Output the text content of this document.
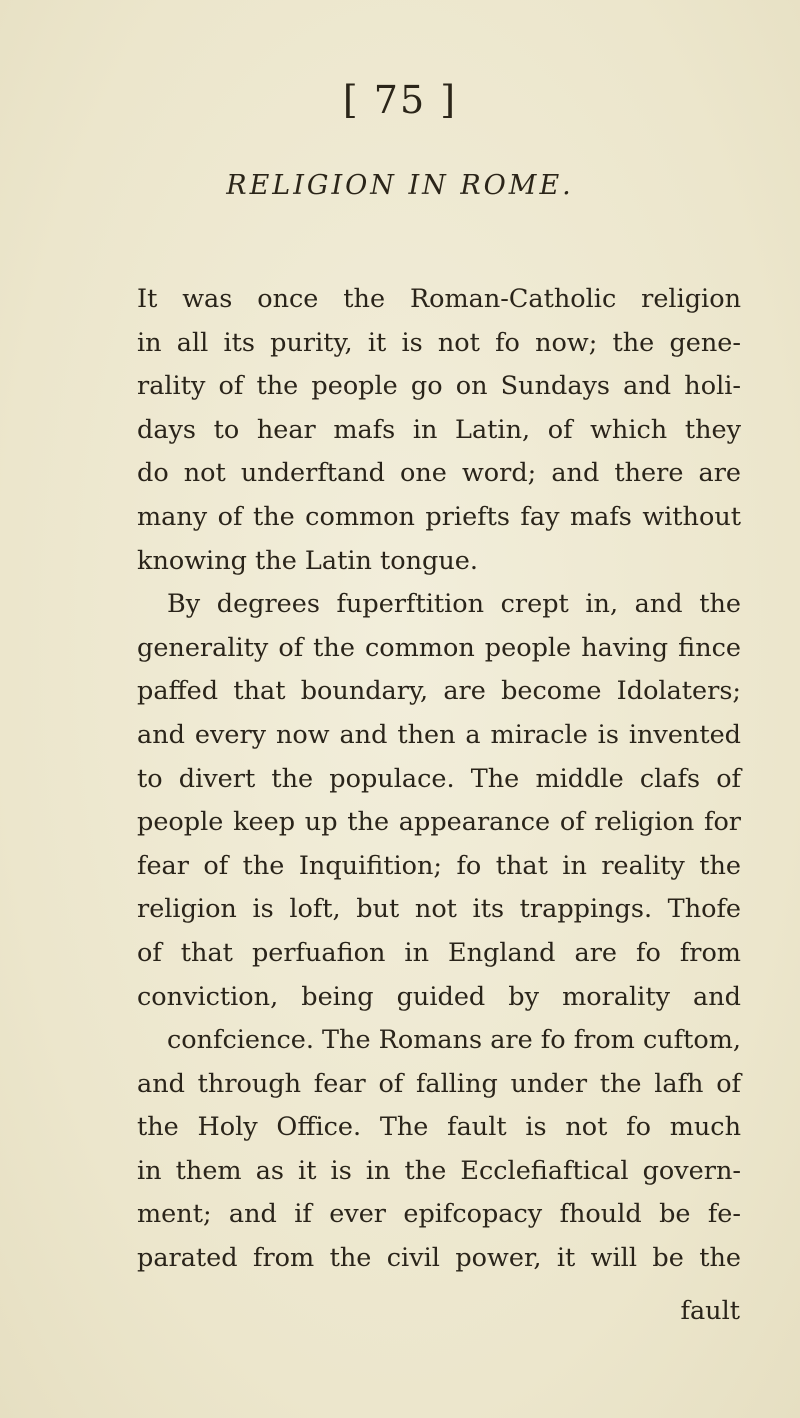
[ 75 ]
RELIGION IN ROME.
It was once the Roman-Catholic religion
in all its purity, it is not fo now; the gene-
rality of the people go on Sundays and holi-
days to hear mafs in Latin, of which they
do not underftand one word; and there are
many of the common priefts fay mafs without
knowing the Latin tongue.
By degrees fuperftition crept in, and the
generality of the common people having fince
paffed that boundary, are become Idolaters;
and every now and then a miracle is invented
to divert the populace. The middle clafs of
people keep up the appearance of religion for
fear of the Inquifition; fo that in reality the
religion is loft, but not its trappings. Thofe
of that perfuafion in England are fo from
conviction, being guided by morality and
confcience. The Romans are fo from cuftom,
and through fear of falling under the lafh of
the Holy Office. The fault is not fo much
in them as it is in the Ecclefiaftical govern-
ment; and if ever epifcopacy fhould be fe-
parated from the civil power, it will be the
fault
